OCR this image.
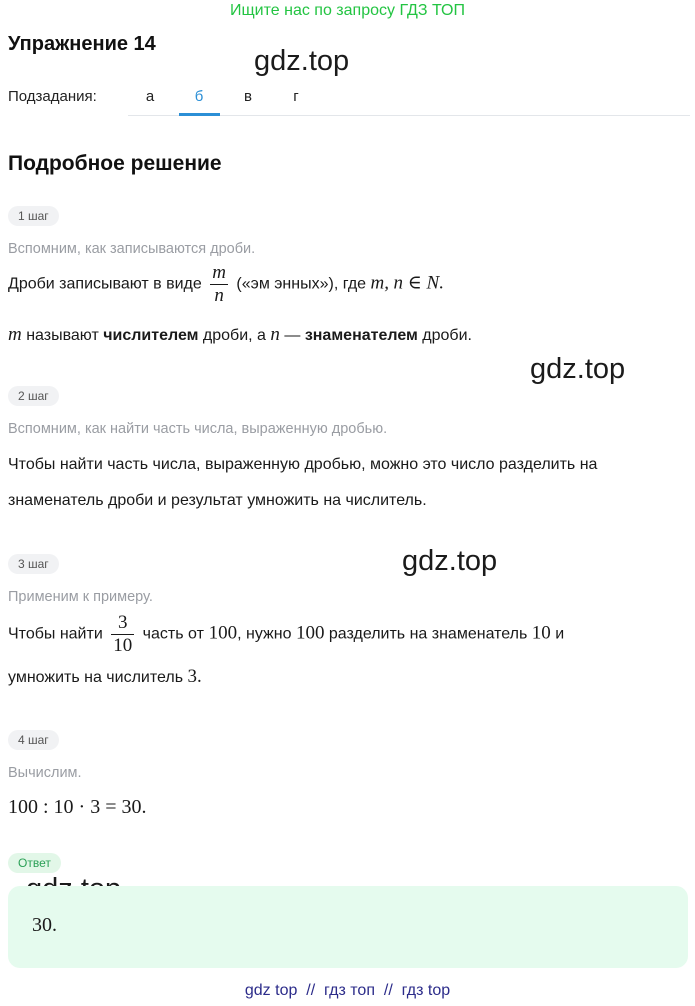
Ищите нас по запросу ГДЗ ТОП
Упражнение 14
gdz.top
gdz.top
gdz.top
Подзадания:	а	б	в	г
Подробное решение
1 шаг
Вспомним, как записываются дроби.
Дроби записывают в виде $\frac{m}{n}$ («эм энных»), где m, n ∈ N.
m называют числителем дроби, а n — знаменателем дроби.
2 шаг
Вспомним, как найти часть числа, выраженную дробью.
Чтобы найти часть числа, выраженную дробью, можно это число разделить на
знаменатель дроби и результат умножить на числитель.
3 шаг
Применим к примеру.
Чтобы найти $\frac{3}{10}$ часть от 100, нужно 100 разделить на знаменатель 10 и
умножить на числитель 3.
4 шаг
Вычислим.
100 : 10 · 3 = 30.
Ответ
30.
gdz top  //  гдз топ  //  гдз top
